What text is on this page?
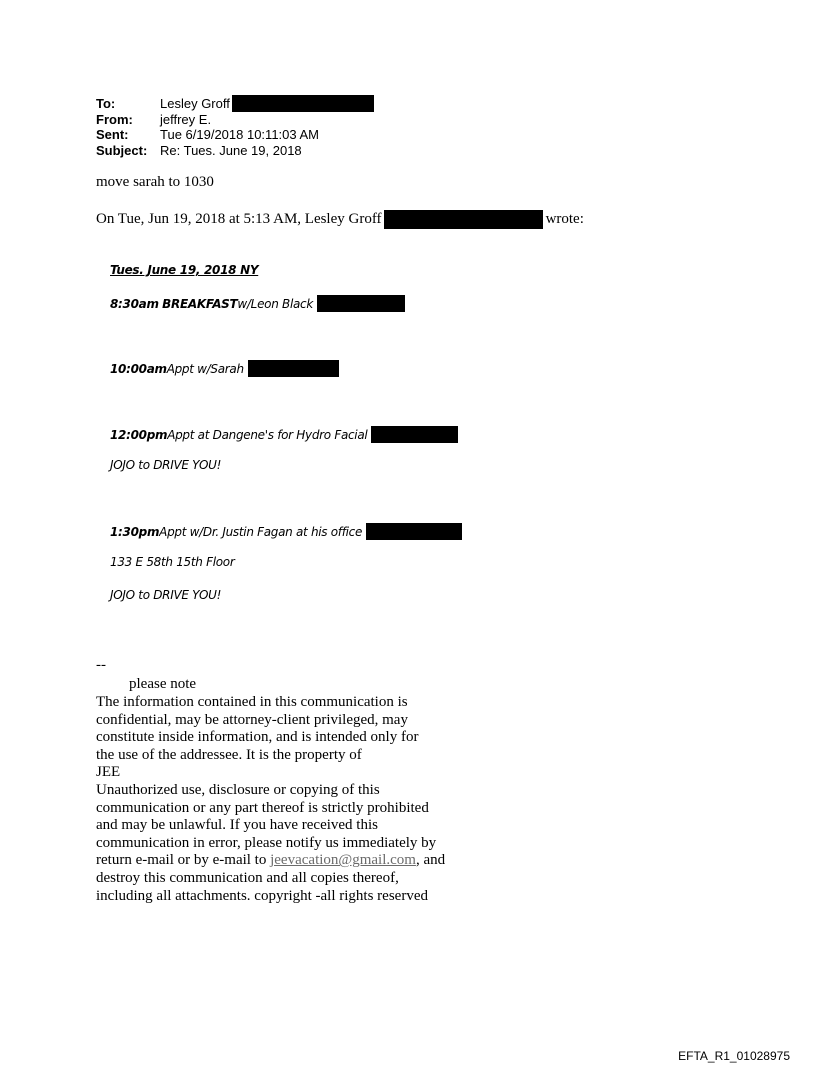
To:	Lesley Groff
From:	jeffrey E.
Sent:	Tue 6/19/2018 10:11:03 AM
Subject: Re: Tues. June 19, 2018
move sarah to 1030
On Tue, Jun 19, 2018 at 5:13 AM, Lesley Groff	wrote:
Tues. June 19, 2018 NY
8:30am
BREAKFAST w/Leon Black
10:00am Appt w/Sarah
12:00pm Appt at Dangene's for Hydro Facial
JOJO to DRIVE YOU!
1:30pm Appt w/Dr. Justin Fagan at his office
133 E 58th 15th Floor
JOJO to DRIVE YOU!
--
please note
The information contained in this communication is
confidential, may be attorney-client privileged, may
constitute inside information, and is intended only for
the use of the addressee. It is the property of
JEE
Unauthorized use, disclosure or copying of this
communication or any part thereof is strictly prohibited
and may be unlawful. If you have received this
communication in error, please notify us immediately by
return e-mail or by e-mail to jeevacation@gmail.com, and
destroy this communication and all copies thereof,
including all attachments. copyright -all rights reserved
EFTA_R1_01028975
